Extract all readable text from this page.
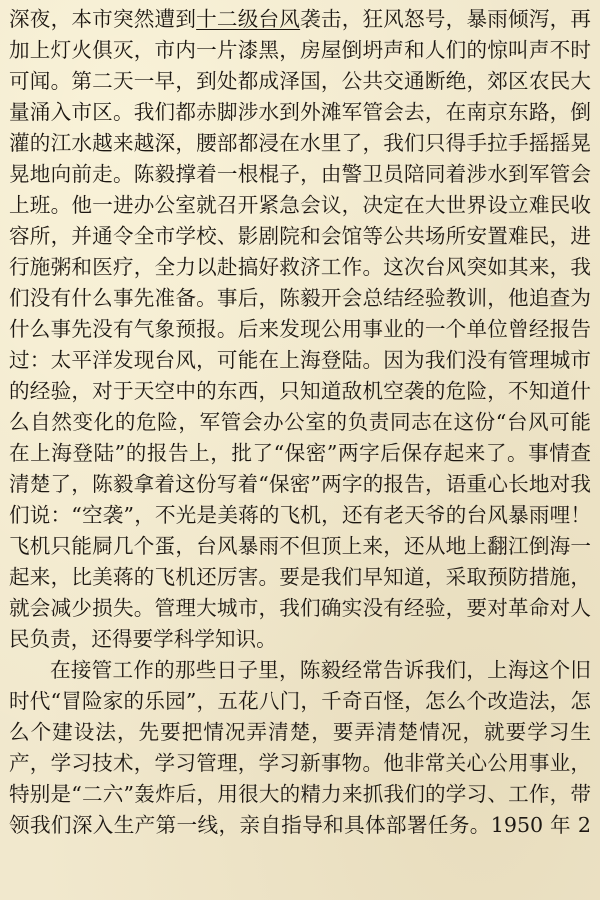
深夜，本市突然遭到十二级台风袭击，狂风怒号，暴雨倾泻，再
加上灯火俱灭，市内一片漆黑，房屋倒坍声和人们的惊叫声不时
可闻。第二天一早，到处都成泽国，公共交通断绝，郊区农民大
量涌入市区。我们都赤脚涉水到外滩军管会去，在南京东路，倒
灌的江水越来越深，腰部都浸在水里了，我们只得手拉手摇摇晃
晃地向前走。陈毅撑着一根棍子，由警卫员陪同着涉水到军管会
上班。他一进办公室就召开紧急会议，决定在大世界设立难民收
容所，并通令全市学校、影剧院和会馆等公共场所安置难民，进
行施粥和医疗，全力以赴搞好救济工作。这次台风突如其来，我
们没有什么事先准备。事后，陈毅开会总结经验教训，他追查为
什么事先没有气象预报。后来发现公用事业的一个单位曾经报告
过：太平洋发现台风，可能在上海登陆。因为我们没有管理城市
的经验，对于天空中的东西，只知道敌机空袭的危险，不知道什
么自然变化的危险，军管会办公室的负责同志在这份“台风可能
在上海登陆”的报告上，批了“保密”两字后保存起来了。事情查
清楚了，陈毅拿着这份写着“保密”两字的报告，语重心长地对我
们说：“空袭”，不光是美蒋的飞机，还有老天爷的台风暴雨哩！
飞机只能屙几个蛋，台风暴雨不但顶上来，还从地上翻江倒海一
起来，比美蒋的飞机还厉害。要是我们早知道，采取预防措施，
就会减少损失。管理大城市，我们确实没有经验，要对革命对人
民负责，还得要学科学知识。
在接管工作的那些日子里，陈毅经常告诉我们，上海这个旧
时代“冒险家的乐园”，五花八门，千奇百怪，怎么个改造法，怎
么个建设法，先要把情况弄清楚，要弄清楚情况，就要学习生
产，学习技术，学习管理，学习新事物。他非常关心公用事业，
特别是“二六”轰炸后，用很大的精力来抓我们的学习、工作，带
领我们深入生产第一线，亲自指导和具体部署任务。1950 年 2
